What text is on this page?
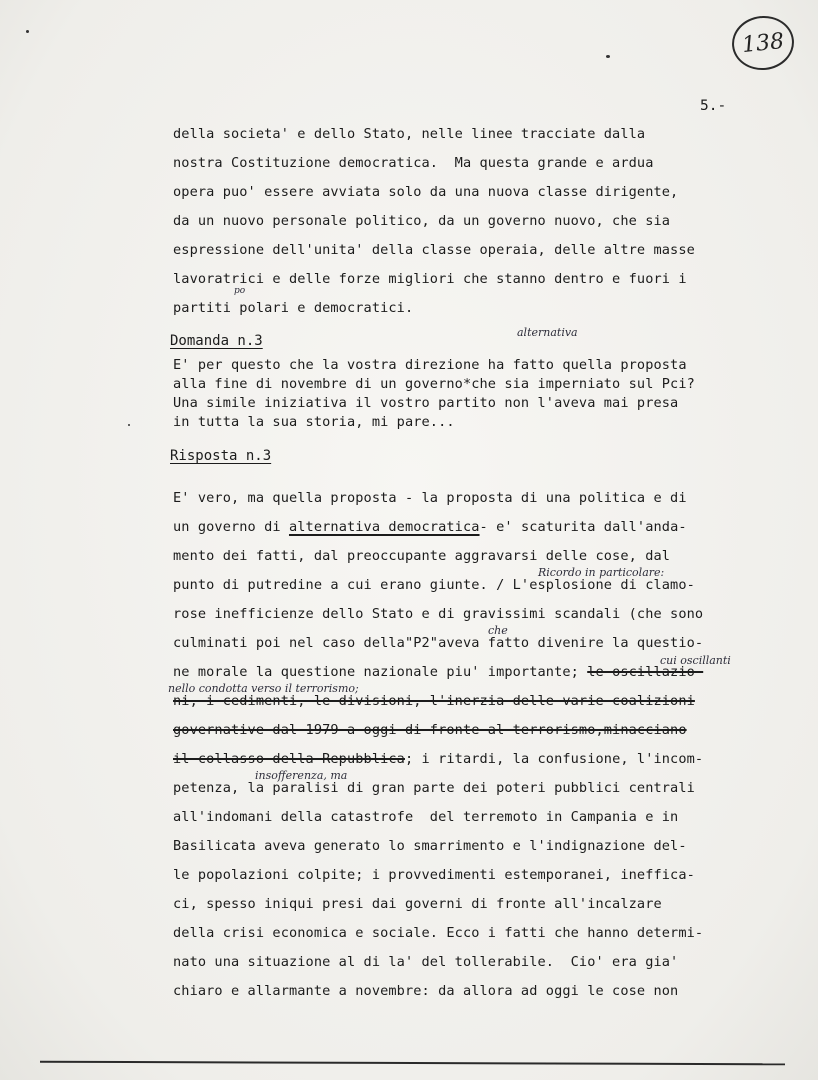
138
5.-
della societa' e dello Stato, nelle linee tracciate dalla
nostra Costituzione democratica.  Ma questa grande e ardua
opera puo' essere avviata solo da una nuova classe dirigente,
da un nuovo personale politico, da un governo nuovo, che sia
espressione dell'unita' della classe operaia, delle altre masse
lavoratrici e delle forze migliori che stanno dentro e fuori i
partiti polari e democratici.
po
Domanda n.3
alternativa
E' per questo che la vostra direzione ha fatto quella proposta
alla fine di novembre di un governo*che sia imperniato sul Pci?
Una simile iniziativa il vostro partito non l'aveva mai presa
in tutta la sua storia, mi pare...
Risposta n.3
E' vero, ma quella proposta - la proposta di una politica e di
un governo di alternativa democratica- e' scaturita dall'anda-
mento dei fatti, dal preoccupante aggravarsi delle cose, dal
punto di putredine a cui erano giunte. / L'esplosione di clamo-
Ricordo in particolare:
rose inefficienze dello Stato e di gravissimi scandali (che sono
culminati poi nel caso della"P2"aveva fatto divenire la questio-
che
ne morale la questione nazionale piu' importante; le oscillazio-
cui oscillanti
nello condotta verso il terrorismo;
ni, i cedimenti, le divisioni, l'inerzia delle varie coalizioni
governative dal 1979 a oggi di fronte al terrorismo,minacciano
il collasso della Repubblica; i ritardi, la confusione, l'incom-
petenza, la paralisi di gran parte dei poteri pubblici centrali
insofferenza, ma
all'indomani della catastrofe  del terremoto in Campania e in
Basilicata aveva generato lo smarrimento e l'indignazione del-
le popolazioni colpite; i provvedimenti estemporanei, ineffica-
ci, spesso iniqui presi dai governi di fronte all'incalzare
della crisi economica e sociale. Ecco i fatti che hanno determi-
nato una situazione al di la' del tollerabile.  Cio' era gia'
chiaro e allarmante a novembre: da allora ad oggi le cose non
